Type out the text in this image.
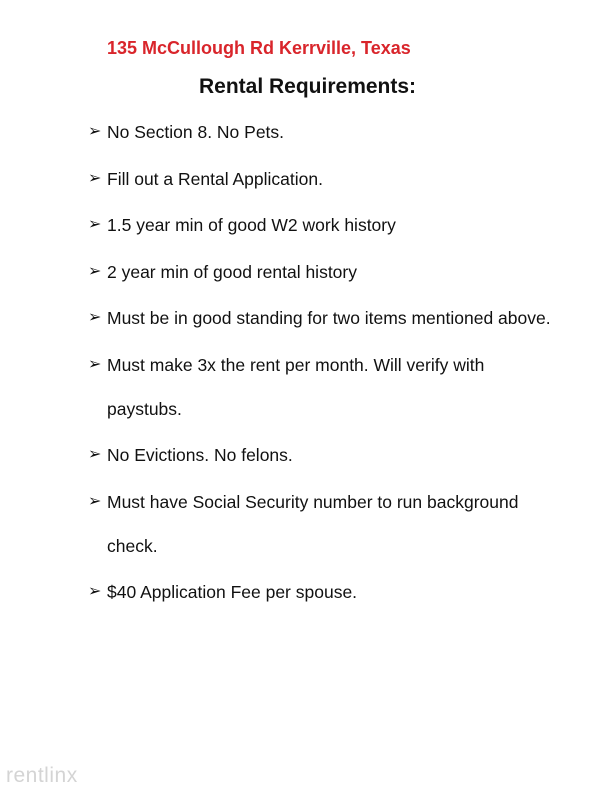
135 McCullough Rd Kerrville, Texas
Rental Requirements:
➢ No Section 8. No Pets.
➢ Fill out a Rental Application.
➢ 1.5 year min of good W2 work history
➢ 2 year min of good rental history
➢ Must be in good standing for two items mentioned above.
➢ Must make 3x the rent per month. Will verify with paystubs.
➢ No Evictions. No felons.
➢ Must have Social Security number to run background check.
➢ $40 Application Fee per spouse.
rentlinx
